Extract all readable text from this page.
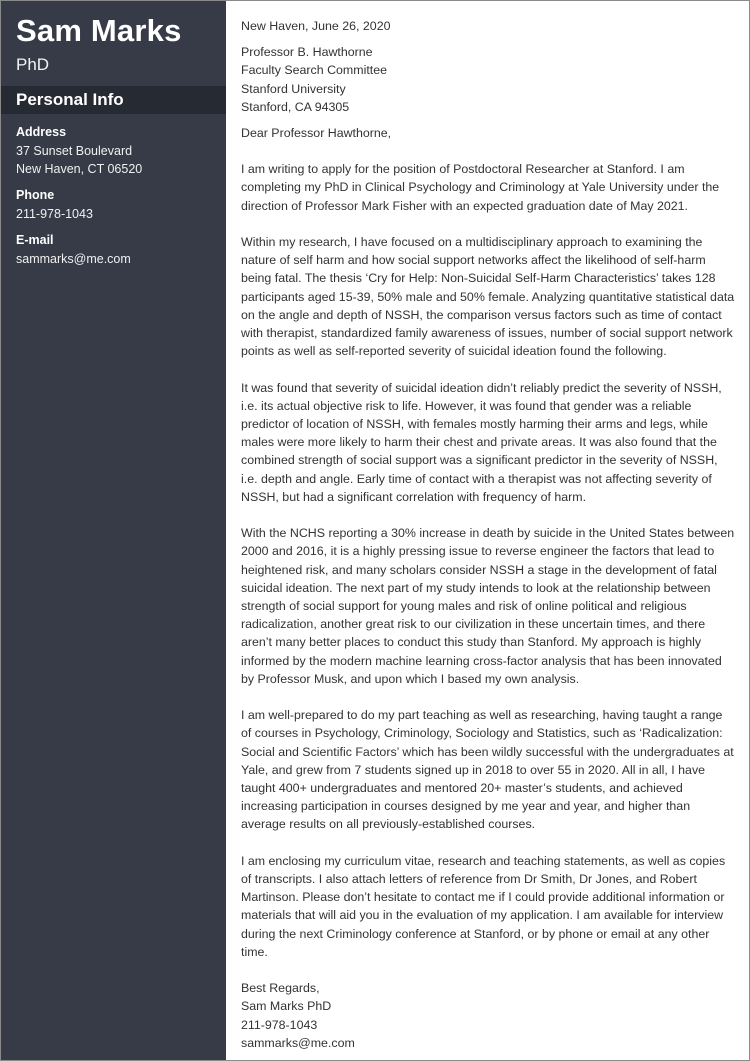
Sam Marks
PhD
Personal Info
Address
37 Sunset Boulevard
New Haven, CT 06520
Phone
211-978-1043
E-mail
sammarks@me.com

New Haven, June 26, 2020

Professor B. Hawthorne
Faculty Search Committee
Stanford University
Stanford, CA 94305

Dear Professor Hawthorne,

I am writing to apply for the position of Postdoctoral Researcher at Stanford. I am completing my PhD in Clinical Psychology and Criminology at Yale University under the direction of Professor Mark Fisher with an expected graduation date of May 2021.

Within my research, I have focused on a multidisciplinary approach to examining the nature of self harm and how social support networks affect the likelihood of self-harm being fatal. The thesis ‘Cry for Help: Non-Suicidal Self-Harm Characteristics’ takes 128 participants aged 15-39, 50% male and 50% female. Analyzing quantitative statistical data on the angle and depth of NSSH, the comparison versus factors such as time of contact with therapist, standardized family awareness of issues, number of social support network points as well as self-reported severity of suicidal ideation found the following.

It was found that severity of suicidal ideation didn’t reliably predict the severity of NSSH, i.e. its actual objective risk to life. However, it was found that gender was a reliable predictor of location of NSSH, with females mostly harming their arms and legs, while males were more likely to harm their chest and private areas. It was also found that the combined strength of social support was a significant predictor in the severity of NSSH, i.e. depth and angle. Early time of contact with a therapist was not affecting severity of NSSH, but had a significant correlation with frequency of harm.

With the NCHS reporting a 30% increase in death by suicide in the United States between 2000 and 2016, it is a highly pressing issue to reverse engineer the factors that lead to heightened risk, and many scholars consider NSSH a stage in the development of fatal suicidal ideation. The next part of my study intends to look at the relationship between strength of social support for young males and risk of online political and religious radicalization, another great risk to our civilization in these uncertain times, and there aren’t many better places to conduct this study than Stanford. My approach is highly informed by the modern machine learning cross-factor analysis that has been innovated by Professor Musk, and upon which I based my own analysis.

I am well-prepared to do my part teaching as well as researching, having taught a range of courses in Psychology, Criminology, Sociology and Statistics, such as ‘Radicalization: Social and Scientific Factors’ which has been wildly successful with the undergraduates at Yale, and grew from 7 students signed up in 2018 to over 55 in 2020. All in all, I have taught 400+ undergraduates and mentored 20+ master’s students, and achieved increasing participation in courses designed by me year and year, and higher than average results on all previously-established courses.

I am enclosing my curriculum vitae, research and teaching statements, as well as copies of transcripts. I also attach letters of reference from Dr Smith, Dr Jones, and Robert Martinson. Please don’t hesitate to contact me if I could provide additional information or materials that will aid you in the evaluation of my application. I am available for interview during the next Criminology conference at Stanford, or by phone or email at any other time.

Best Regards,
Sam Marks PhD
211-978-1043
sammarks@me.com
